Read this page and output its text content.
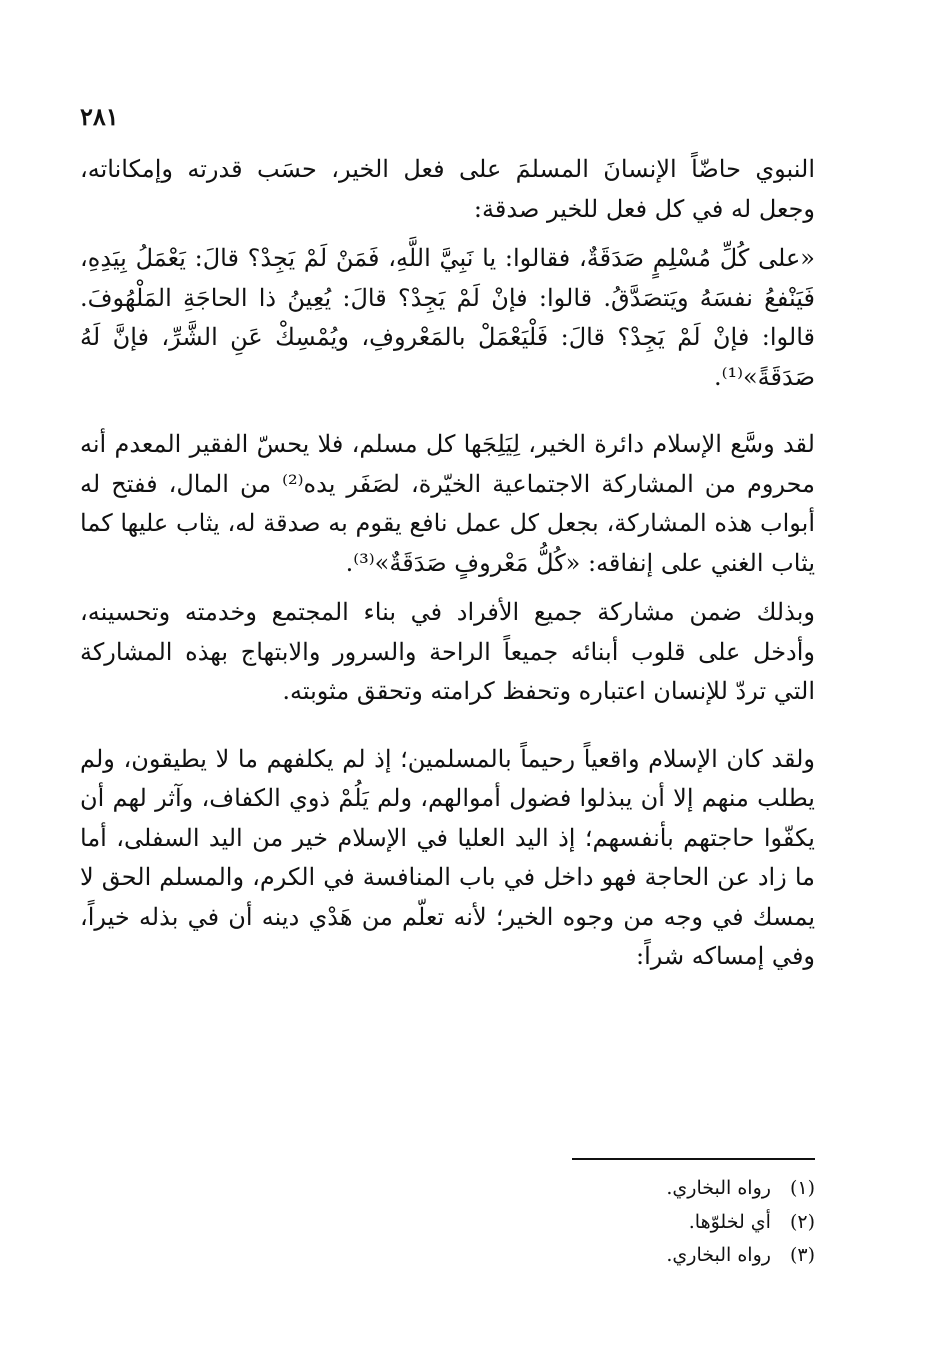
٢٨١

النبوي حاضّاً الإنسانَ المسلمَ على فعل الخير، حسَب قدرته وإمكاناته، وجعل له في كل فعل للخير صدقة:

«على كُلِّ مُسْلِمٍ صَدَقَةٌ، فقالوا: يا نَبِيَّ اللَّهِ، فَمَنْ لَمْ يَجِدْ؟ قالَ: يَعْمَلُ بِيَدِهِ، فَيَنْفعُ نفسَهُ ويَتصَدَّقُ. قالوا: فإنْ لَمْ يَجِدْ؟ قالَ: يُعِينُ ذا الحاجَةِ المَلْهُوفَ. قالوا: فإنْ لَمْ يَجِدْ؟ قالَ: فَلْيَعْمَلْ بالمَعْروفِ، ويُمْسِكْ عَنِ الشَّرِّ، فإنَّ لَهُ صَدَقَةً»⁽¹⁾.

لقد وسَّع الإسلام دائرة الخير، لِيَلِجَها كل مسلم، فلا يحسّ الفقير المعدم أنه محروم من المشاركة الاجتماعية الخيّرة، لصَفَر يده⁽²⁾ من المال، ففتح له أبواب هذه المشاركة، بجعل كل عمل نافع يقوم به صدقة له، يثاب عليها كما يثاب الغني على إنفاقه: «كُلُّ مَعْروفٍ صَدَقَةٌ»⁽³⁾.

وبذلك ضمن مشاركة جميع الأفراد في بناء المجتمع وخدمته وتحسينه، وأدخل على قلوب أبنائه جميعاً الراحة والسرور والابتهاج بهذه المشاركة التي تردّ للإنسان اعتباره وتحفظ كرامته وتحقق مثوبته.

ولقد كان الإسلام واقعياً رحيماً بالمسلمين؛ إذ لم يكلفهم ما لا يطيقون، ولم يطلب منهم إلا أن يبذلوا فضول أموالهم، ولم يَلُمْ ذوي الكفاف، وآثر لهم أن يكفّوا حاجتهم بأنفسهم؛ إذ اليد العليا في الإسلام خير من اليد السفلى، أما ما زاد عن الحاجة فهو داخل في باب المنافسة في الكرم، والمسلم الحق لا يمسك في وجه من وجوه الخير؛ لأنه تعلّم من هَدْي دينه أن في بذله خيراً، وفي إمساكه شراً:

(١) رواه البخاري.
(٢) أي لخلوّها.
(٣) رواه البخاري.
